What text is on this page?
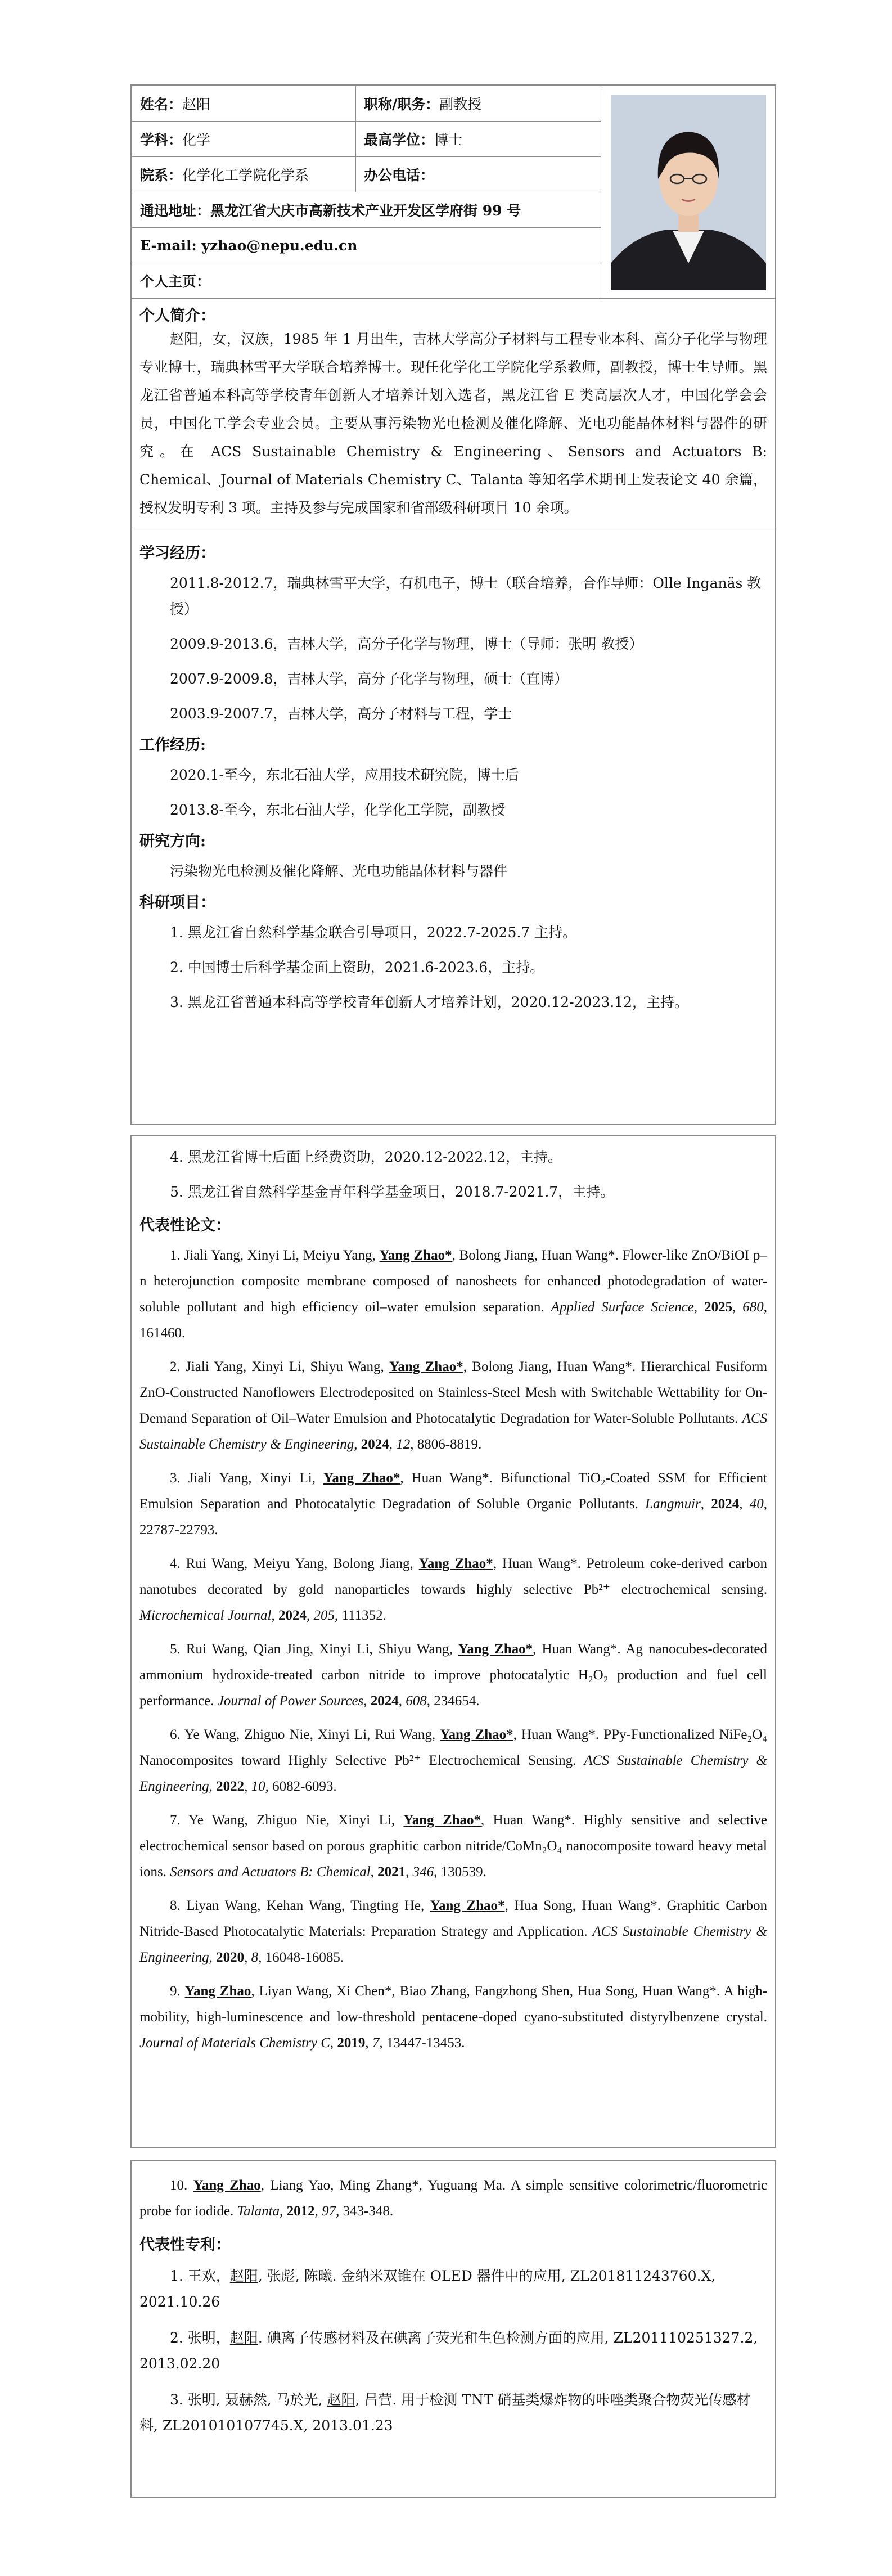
姓名：赵阳	职称/职务：副教授	

学科：化学	最高学位：博士	
院系：化学化工学院化学系	办公电话：	
通迅地址：黑龙江省大庆市高新技术产业开发区学府街 99 号		
E-mail: yzhao@nepu.edu.cn		
个人主页：		

个人简介：

赵阳，女，汉族，1985 年 1 月出生，吉林大学高分子材料与工程专业本科、高分子化学与物理专业博士，瑞典林雪平大学联合培养博士。现任化学化工学院化学系教师，副教授，博士生导师。黑龙江省普通本科高等学校青年创新人才培养计划入选者，黑龙江省 E 类高层次人才，中国化学会会员，中国化工学会专业会员。主要从事污染物光电检测及催化降解、光电功能晶体材料与器件的研究。在 ACS Sustainable Chemistry & Engineering、Sensors and Actuators B: Chemical、Journal of Materials Chemistry C、Talanta 等知名学术期刊上发表论文 40 余篇，授权发明专利 3 项。主持及参与完成国家和省部级科研项目 10 余项。

学习经历：

2011.8-2012.7，瑞典林雪平大学，有机电子，博士（联合培养，合作导师：Olle Inganäs 教授）

2009.9-2013.6，吉林大学，高分子化学与物理，博士（导师：张明 教授）

2007.9-2009.8，吉林大学，高分子化学与物理，硕士（直博）

2003.9-2007.7，吉林大学，高分子材料与工程，学士

工作经历:

2020.1-至今，东北石油大学，应用技术研究院，博士后

2013.8-至今，东北石油大学，化学化工学院，副教授

研究方向:

污染物光电检测及催化降解、光电功能晶体材料与器件

科研项目：

1. 黑龙江省自然科学基金联合引导项目，2022.7-2025.7 主持。

2. 中国博士后科学基金面上资助，2021.6-2023.6，主持。

3. 黑龙江省普通本科高等学校青年创新人才培养计划，2020.12-2023.12，主持。

4. 黑龙江省博士后面上经费资助，2020.12-2022.12，主持。

5. 黑龙江省自然科学基金青年科学基金项目，2018.7-2021.7，主持。

代表性论文：

1. Jiali Yang, Xinyi Li, Meiyu Yang, Yang Zhao*, Bolong Jiang, Huan Wang*. Flower-like ZnO/BiOI p–n heterojunction composite membrane composed of nanosheets for enhanced photodegradation of water-soluble pollutant and high efficiency oil–water emulsion separation. Applied Surface Science, 2025, 680, 161460.

2. Jiali Yang, Xinyi Li, Shiyu Wang, Yang Zhao*, Bolong Jiang, Huan Wang*. Hierarchical Fusiform ZnO-Constructed Nanoflowers Electrodeposited on Stainless-Steel Mesh with Switchable Wettability for On-Demand Separation of Oil–Water Emulsion and Photocatalytic Degradation for Water-Soluble Pollutants. ACS Sustainable Chemistry & Engineering, 2024, 12, 8806-8819.

3. Jiali Yang, Xinyi Li, Yang Zhao*, Huan Wang*. Bifunctional TiO₂-Coated SSM for Efficient Emulsion Separation and Photocatalytic Degradation of Soluble Organic Pollutants. Langmuir, 2024, 40, 22787-22793.

4. Rui Wang, Meiyu Yang, Bolong Jiang, Yang Zhao*, Huan Wang*. Petroleum coke-derived carbon nanotubes decorated by gold nanoparticles towards highly selective Pb²⁺ electrochemical sensing. Microchemical Journal, 2024, 205, 111352.

5. Rui Wang, Qian Jing, Xinyi Li, Shiyu Wang, Yang Zhao*, Huan Wang*. Ag nanocubes-decorated ammonium hydroxide-treated carbon nitride to improve photocatalytic H₂O₂ production and fuel cell performance. Journal of Power Sources, 2024, 608, 234654.

6. Ye Wang, Zhiguo Nie, Xinyi Li, Rui Wang, Yang Zhao*, Huan Wang*. PPy-Functionalized NiFe₂O₄ Nanocomposites toward Highly Selective Pb²⁺ Electrochemical Sensing. ACS Sustainable Chemistry & Engineering, 2022, 10, 6082-6093.

7. Ye Wang, Zhiguo Nie, Xinyi Li, Yang Zhao*, Huan Wang*. Highly sensitive and selective electrochemical sensor based on porous graphitic carbon nitride/CoMn₂O₄ nanocomposite toward heavy metal ions. Sensors and Actuators B: Chemical, 2021, 346, 130539.

8. Liyan Wang, Kehan Wang, Tingting He, Yang Zhao*, Hua Song, Huan Wang*. Graphitic Carbon Nitride-Based Photocatalytic Materials: Preparation Strategy and Application. ACS Sustainable Chemistry & Engineering, 2020, 8, 16048-16085.

9. Yang Zhao, Liyan Wang, Xi Chen*, Biao Zhang, Fangzhong Shen, Hua Song, Huan Wang*. A high-mobility, high-luminescence and low-threshold pentacene-doped cyano-substituted distyrylbenzene crystal. Journal of Materials Chemistry C, 2019, 7, 13447-13453.

10. Yang Zhao, Liang Yao, Ming Zhang*, Yuguang Ma. A simple sensitive colorimetric/fluorometric probe for iodide. Talanta, 2012, 97, 343-348.

代表性专利：

1. 王欢，赵阳, 张彪, 陈曦. 金纳米双锥在 OLED 器件中的应用, ZL201811243760.X, 2021.10.26

2. 张明，赵阳. 碘离子传感材料及在碘离子荧光和生色检测方面的应用, ZL201110251327.2, 2013.02.20

3. 张明, 聂赫然, 马於光, 赵阳, 吕营. 用于检测 TNT 硝基类爆炸物的咔唑类聚合物荧光传感材料, ZL201010107745.X, 2013.01.23
